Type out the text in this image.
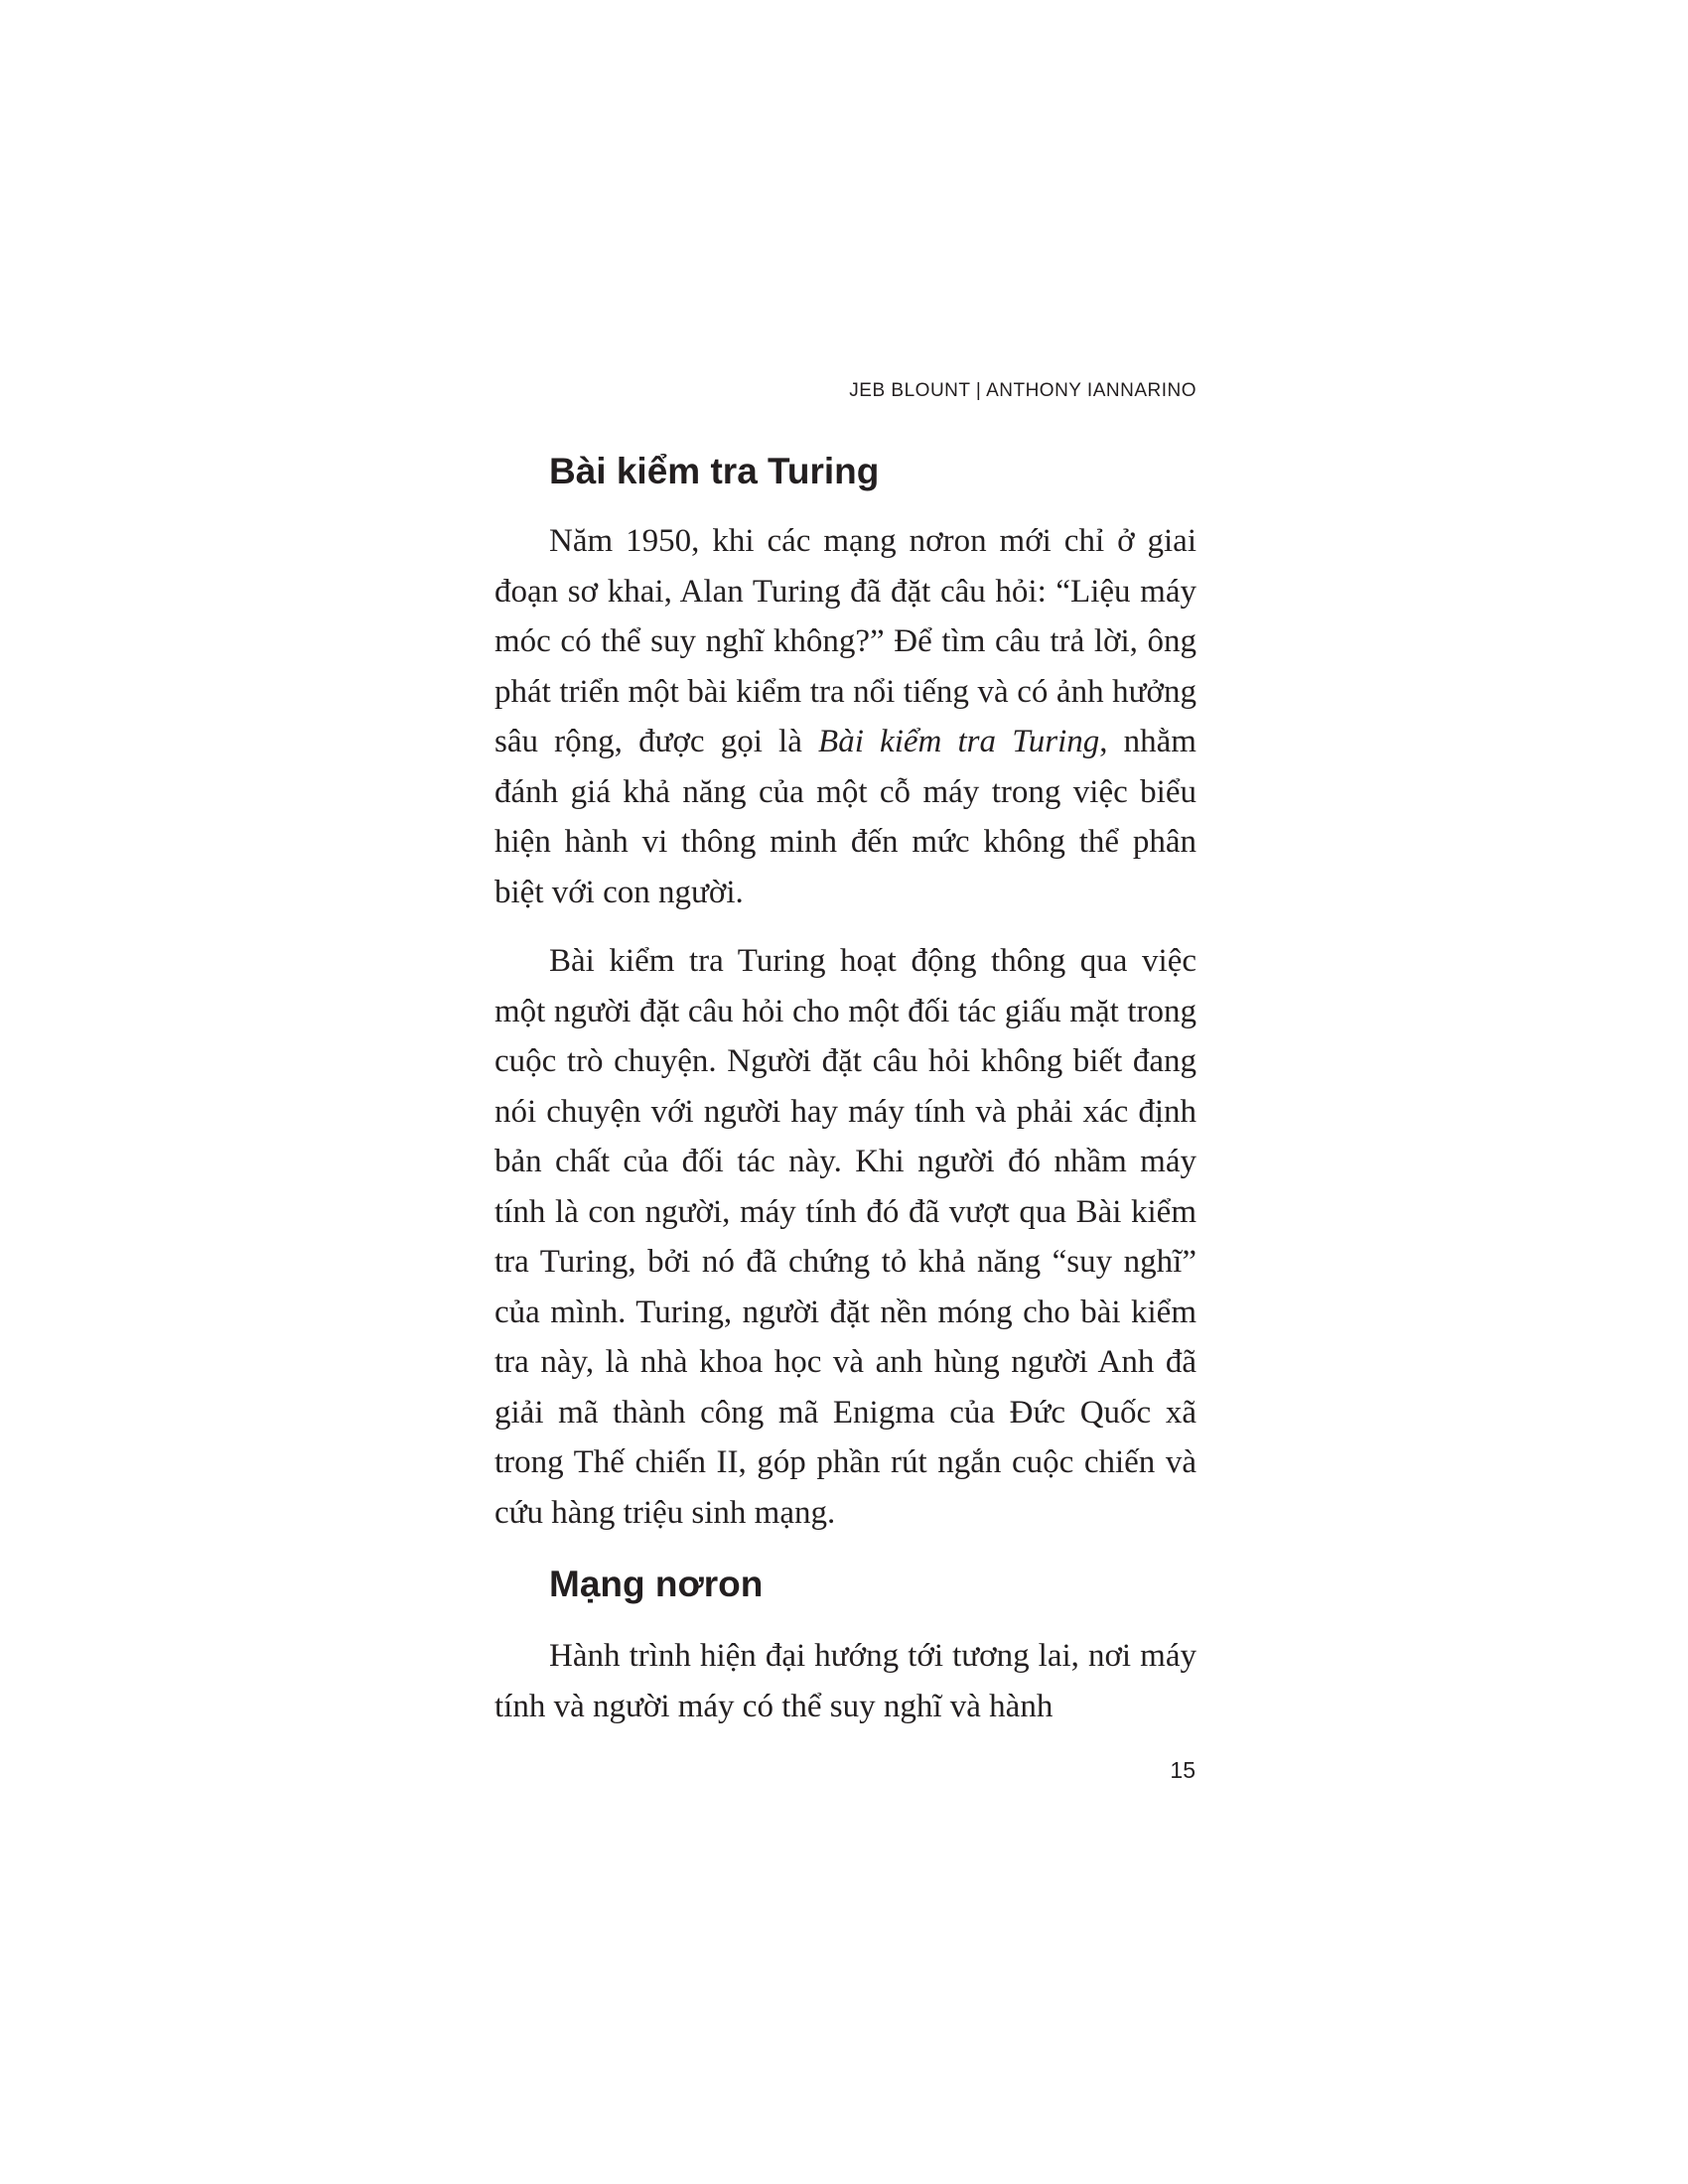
JEB BLOUNT | ANTHONY IANNARINO
Bài kiểm tra Turing

Năm 1950, khi các mạng nơron mới chỉ ở giai đoạn sơ khai, Alan Turing đã đặt câu hỏi: “Liệu máy móc có thể suy nghĩ không?” Để tìm câu trả lời, ông phát triển một bài kiểm tra nổi tiếng và có ảnh hưởng sâu rộng, được gọi là Bài kiểm tra Turing, nhằm đánh giá khả năng của một cỗ máy trong việc biểu hiện hành vi thông minh đến mức không thể phân biệt với con người.

Bài kiểm tra Turing hoạt động thông qua việc một người đặt câu hỏi cho một đối tác giấu mặt trong cuộc trò chuyện. Người đặt câu hỏi không biết đang nói chuyện với người hay máy tính và phải xác định bản chất của đối tác này. Khi người đó nhầm máy tính là con người, máy tính đó đã vượt qua Bài kiểm tra Turing, bởi nó đã chứng tỏ khả năng “suy nghĩ” của mình. Turing, người đặt nền móng cho bài kiểm tra này, là nhà khoa học và anh hùng người Anh đã giải mã thành công mã Enigma của Đức Quốc xã trong Thế chiến II, góp phần rút ngắn cuộc chiến và cứu hàng triệu sinh mạng.

Mạng nơron

Hành trình hiện đại hướng tới tương lai, nơi máy tính và người máy có thể suy nghĩ và hành

15
